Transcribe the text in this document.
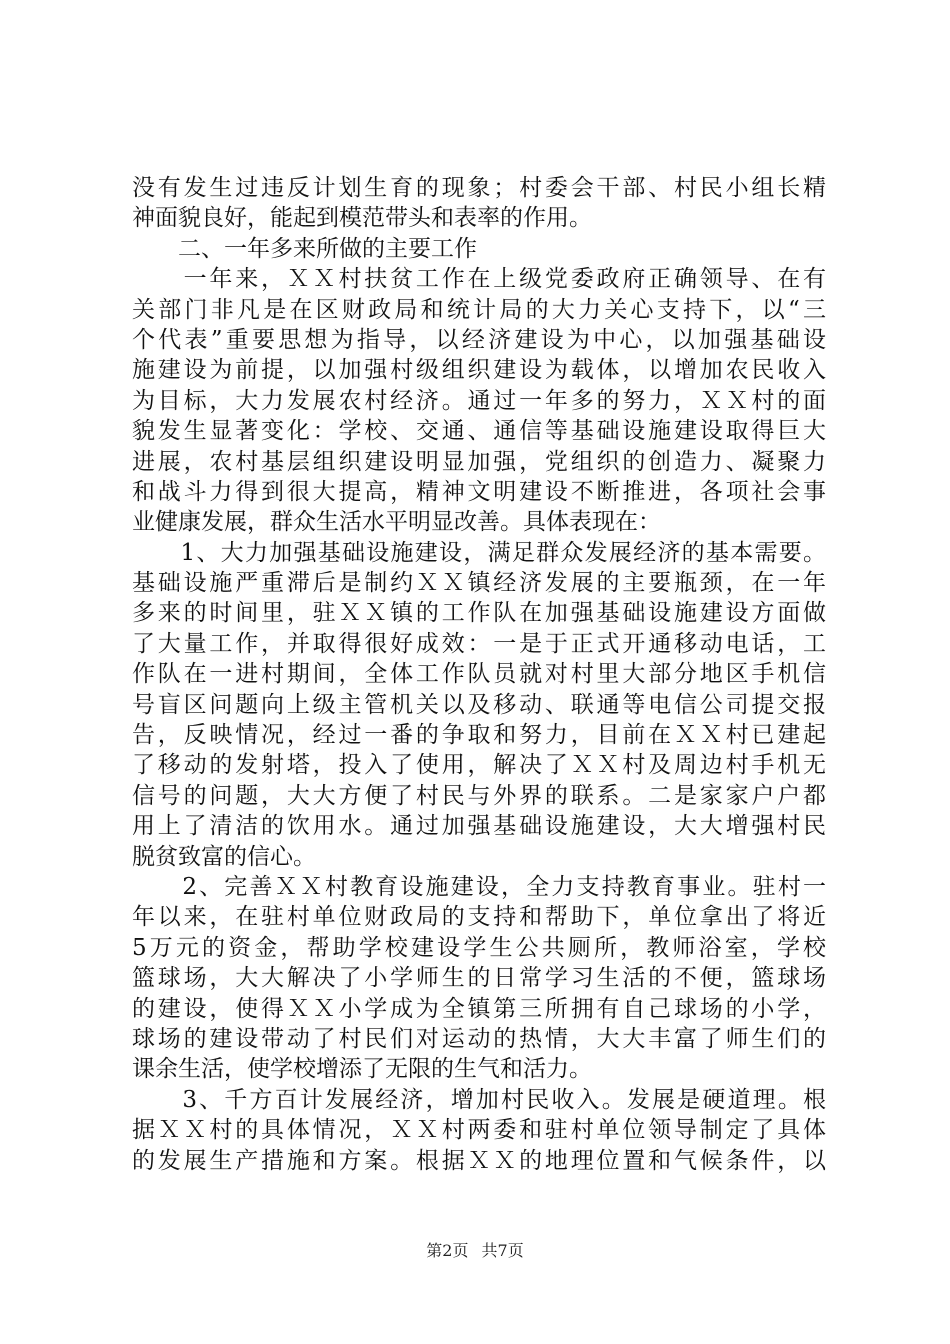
没有发生过违反计划生育的现象；村委会干部、村民小组长精
神面貌良好，能起到模范带头和表率的作用。
　　二、一年多来所做的主要工作
　　一年来，ＸＸ村扶贫工作在上级党委政府正确领导、在有
关部门非凡是在区财政局和统计局的大力关心支持下，以“三
个代表”重要思想为指导，以经济建设为中心，以加强基础设
施建设为前提，以加强村级组织建设为载体，以增加农民收入
为目标，大力发展农村经济。通过一年多的努力，ＸＸ村的面
貌发生显著变化：学校、交通、通信等基础设施建设取得巨大
进展，农村基层组织建设明显加强，党组织的创造力、凝聚力
和战斗力得到很大提高，精神文明建设不断推进，各项社会事
业健康发展，群众生活水平明显改善。具体表现在：
　　1、大力加强基础设施建设，满足群众发展经济的基本需要。
基础设施严重滞后是制约ＸＸ镇经济发展的主要瓶颈，在一年
多来的时间里，驻ＸＸ镇的工作队在加强基础设施建设方面做
了大量工作，并取得很好成效：一是于正式开通移动电话，工
作队在一进村期间，全体工作队员就对村里大部分地区手机信
号盲区问题向上级主管机关以及移动、联通等电信公司提交报
告，反映情况，经过一番的争取和努力，目前在ＸＸ村已建起
了移动的发射塔，投入了使用，解决了ＸＸ村及周边村手机无
信号的问题，大大方便了村民与外界的联系。二是家家户户都
用上了清洁的饮用水。通过加强基础设施建设，大大增强村民
脱贫致富的信心。
　　2、完善ＸＸ村教育设施建设，全力支持教育事业。驻村一
年以来，在驻村单位财政局的支持和帮助下，单位拿出了将近
5万元的资金，帮助学校建设学生公共厕所，教师浴室，学校
篮球场，大大解决了小学师生的日常学习生活的不便，篮球场
的建设，使得ＸＸ小学成为全镇第三所拥有自己球场的小学，
球场的建设带动了村民们对运动的热情，大大丰富了师生们的
课余生活，使学校增添了无限的生气和活力。
　　3、千方百计发展经济，增加村民收入。发展是硬道理。根
据ＸＸ村的具体情况，ＸＸ村两委和驻村单位领导制定了具体
的发展生产措施和方案。根据ＸＸ的地理位置和气候条件，以
第2页 共7页
